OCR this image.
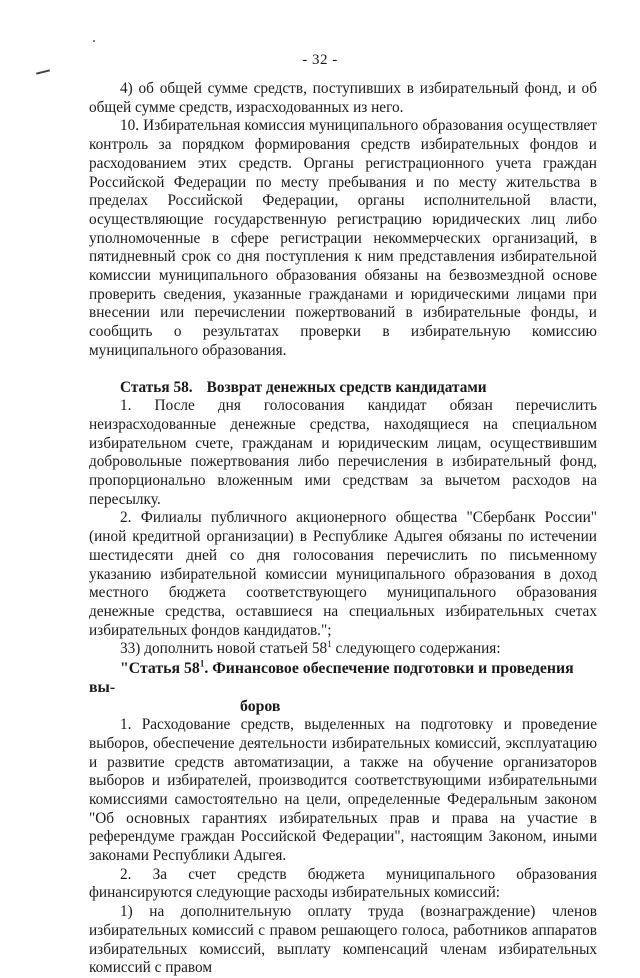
- 32 -

4) об общей сумме средств, поступивших в избирательный фонд, и об общей сумме средств, израсходованных из него.

10. Избирательная комиссия муниципального образования осуществляет контроль за порядком формирования средств избирательных фондов и расходованием этих средств. Органы регистрационного учета граждан Российской Федерации по месту пребывания и по месту жительства в пределах Российской Федерации, органы исполнительной власти, осуществляющие государственную регистрацию юридических лиц либо уполномоченные в сфере регистрации некоммерческих организаций, в пятидневный срок со дня поступления к ним представления избирательной комиссии муниципального образования обязаны на безвозмездной основе проверить сведения, указанные гражданами и юридическими лицами при внесении или перечислении пожертвований в избирательные фонды, и сообщить о результатах проверки в избирательную комиссию муниципального образования.

Статья 58. Возврат денежных средств кандидатами

1. После дня голосования кандидат обязан перечислить неизрасходованные денежные средства, находящиеся на специальном избирательном счете, гражданам и юридическим лицам, осуществившим добровольные пожертвования либо перечисления в избирательный фонд, пропорционально вложенным ими средствам за вычетом расходов на пересылку.

2. Филиалы публичного акционерного общества "Сбербанк России" (иной кредитной организации) в Республике Адыгея обязаны по истечении шестидесяти дней со дня голосования перечислить по письменному указанию избирательной комиссии муниципального образования в доход местного бюджета соответствующего муниципального образования денежные средства, оставшиеся на специальных избирательных счетах избирательных фондов кандидатов.";

33) дополнить новой статьей $58^1$ следующего содержания:

"Статья $58^1$. Финансовое обеспечение подготовки и проведения вы-
боров

1. Расходование средств, выделенных на подготовку и проведение выборов, обеспечение деятельности избирательных комиссий, эксплуатацию и развитие средств автоматизации, а также на обучение организаторов выборов и избирателей, производится соответствующими избирательными комиссиями самостоятельно на цели, определенные Федеральным законом "Об основных гарантиях избирательных прав и права на участие в референдуме граждан Российской Федерации", настоящим Законом, иными законами Республики Адыгея.

2. За счет средств бюджета муниципального образования финансируются следующие расходы избирательных комиссий:

1) на дополнительную оплату труда (вознаграждение) членов избирательных комиссий с правом решающего голоса, работников аппаратов избирательных комиссий, выплату компенсаций членам избирательных комиссий с правом
